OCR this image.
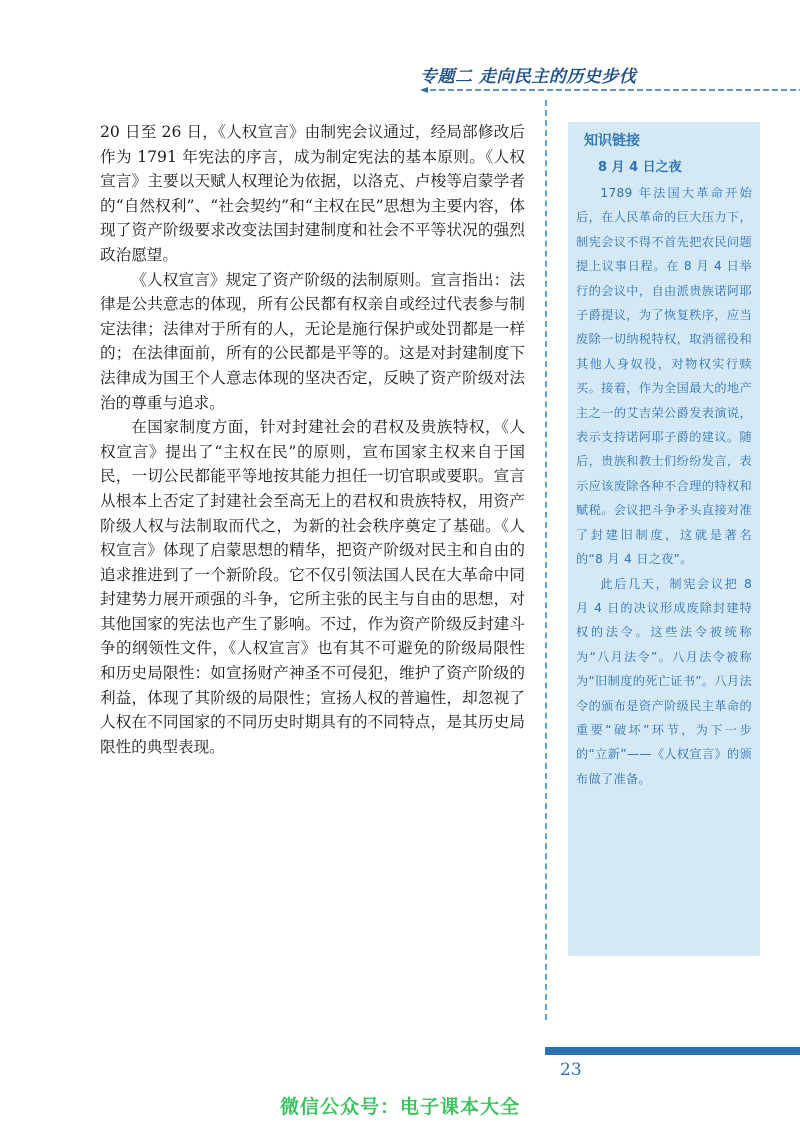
专题二 走向民主的历史步伐

20 日至 26 日，《人权宣言》由制宪会议通过，经局部修改后作为 1791 年宪法的序言，成为制定宪法的基本原则。《人权宣言》主要以天赋人权理论为依据，以洛克、卢梭等启蒙学者的“自然权利”、“社会契约”和“主权在民”思想为主要内容，体现了资产阶级要求改变法国封建制度和社会不平等状况的强烈政治愿望。

《人权宣言》规定了资产阶级的法制原则。宣言指出：法律是公共意志的体现，所有公民都有权亲自或经过代表参与制定法律；法律对于所有的人，无论是施行保护或处罚都是一样的；在法律面前，所有的公民都是平等的。这是对封建制度下法律成为国王个人意志体现的坚决否定，反映了资产阶级对法治的尊重与追求。

在国家制度方面，针对封建社会的君权及贵族特权，《人权宣言》提出了“主权在民”的原则，宣布国家主权来自于国民，一切公民都能平等地按其能力担任一切官职或要职。宣言从根本上否定了封建社会至高无上的君权和贵族特权，用资产阶级人权与法制取而代之，为新的社会秩序奠定了基础。《人权宣言》体现了启蒙思想的精华，把资产阶级对民主和自由的追求推进到了一个新阶段。它不仅引领法国人民在大革命中同封建势力展开顽强的斗争，它所主张的民主与自由的思想，对其他国家的宪法也产生了影响。不过，作为资产阶级反封建斗争的纲领性文件，《人权宣言》也有其不可避免的阶级局限性和历史局限性：如宣扬财产神圣不可侵犯，维护了资产阶级的利益，体现了其阶级的局限性；宣扬人权的普遍性，却忽视了人权在不同国家的不同历史时期具有的不同特点，是其历史局限性的典型表现。

知识链接
8 月 4 日之夜

1789 年法国大革命开始后，在人民革命的巨大压力下，制宪会议不得不首先把农民问题提上议事日程。在 8 月 4 日举行的会议中，自由派贵族诺阿耶子爵提议，为了恢复秩序，应当废除一切纳税特权，取消徭役和其他人身奴役，对物权实行赎买。接着，作为全国最大的地产主之一的艾吉荣公爵发表演说，表示支持诺阿耶子爵的建议。随后，贵族和教士们纷纷发言，表示应该废除各种不合理的特权和赋税。会议把斗争矛头直接对准了封建旧制度，这就是著名的“8 月 4 日之夜”。

此后几天，制宪会议把 8 月 4 日的决议形成废除封建特权的法令。这些法令被统称为“八月法令”。八月法令被称为“旧制度的死亡证书”。八月法令的颁布是资产阶级民主革命的重要“破坏”环节，为下一步的“立新”——《人权宣言》的颁布做了准备。

23
微信公众号：电子课本大全
